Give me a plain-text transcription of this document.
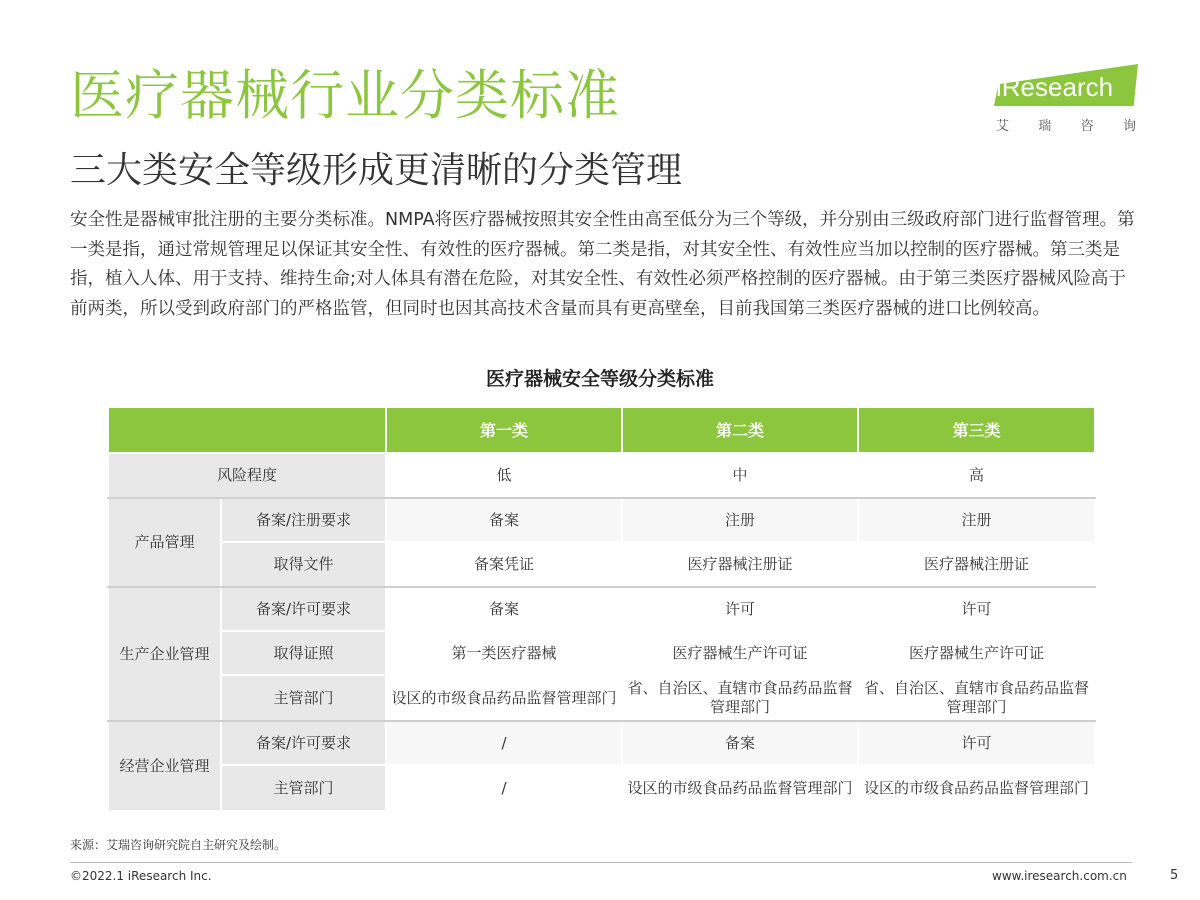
医疗器械行业分类标准
三大类安全等级形成更清晰的分类管理

安全性是器械审批注册的主要分类标准。NMPA将医疗器械按照其安全性由高至低分为三个等级，并分别由三级政府部门进行监督管理。第一类是指，通过常规管理足以保证其安全性、有效性的医疗器械。第二类是指，对其安全性、有效性应当加以控制的医疗器械。第三类是指，植入人体、用于支持、维持生命;对人体具有潜在危险，对其安全性、有效性必须严格控制的医疗器械。由于第三类医疗器械风险高于前两类，所以受到政府部门的严格监管，但同时也因其高技术含量而具有更高壁垒，目前我国第三类医疗器械的进口比例较高。

iResearch
艾 瑞 咨 询
医疗器械安全等级分类标准
		第一类	第二类	第三类
风险程度		低	中	高
产品管理	备案/注册要求	备案	注册	注册
	取得文件	备案凭证	医疗器械注册证	医疗器械注册证
生产企业管理	备案/许可要求	备案	许可	许可
	取得证照	第一类医疗器械	医疗器械生产许可证	医疗器械生产许可证
	主管部门	设区的市级食品药品监督管理部门	省、自治区、直辖市食品药品监督管理部门	省、自治区、直辖市食品药品监督管理部门
经营企业管理	备案/许可要求	/	备案	许可
	主管部门	/	设区的市级食品药品监督管理部门	设区的市级食品药品监督管理部门
来源：艾瑞咨询研究院自主研究及绘制。
©2022.1 iResearch Inc.	www.iresearch.com.cn	5
